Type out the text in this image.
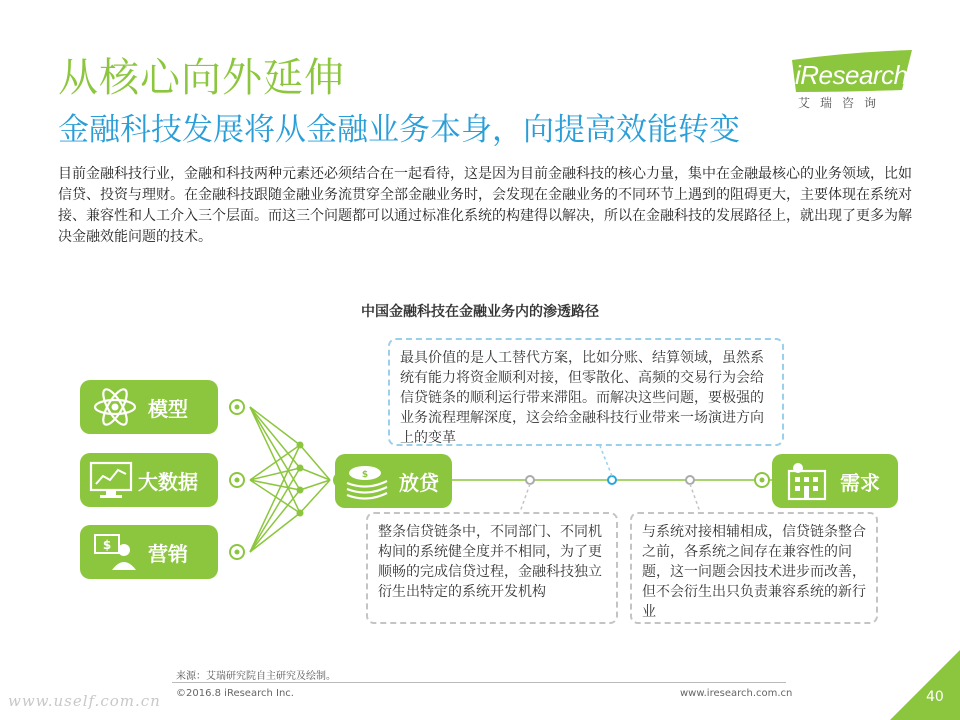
从核心向外延伸
金融科技发展将从金融业务本身，向提高效能转变
iResearch
艾瑞咨询
目前金融科技行业，金融和科技两种元素还必须结合在一起看待，这是因为目前金融科技的核心力量，集中在金融最核心的业务领域，比如信贷、投资与理财。在金融科技跟随金融业务流贯穿全部金融业务时，会发现在金融业务的不同环节上遇到的阻碍更大，主要体现在系统对接、兼容性和人工介入三个层面。而这三个问题都可以通过标准化系统的构建得以解决，所以在金融科技的发展路径上，就出现了更多为解决金融效能问题的技术。
中国金融科技在金融业务内的渗透路径
模型
大数据
$ 营销
$ 放贷	需求
最具价值的是人工替代方案，比如分账、结算领域，虽然系统有能力将资金顺利对接，但零散化、高频的交易行为会给信贷链条的顺利运行带来滞阻。而解决这些问题，要极强的业务流程理解深度，这会给金融科技行业带来一场演进方向上的变革
整条信贷链条中，不同部门、不同机构间的系统健全度并不相同，为了更顺畅的完成信贷过程，金融科技独立衍生出特定的系统开发机构
与系统对接相辅相成，信贷链条整合之前，各系统之间存在兼容性的问题，这一问题会因技术进步而改善，但不会衍生出只负责兼容系统的新行业
来源：艾瑞研究院自主研究及绘制。
©2016.8 iResearch Inc.	www.iresearch.com.cn
www.uself.com.cn	40
